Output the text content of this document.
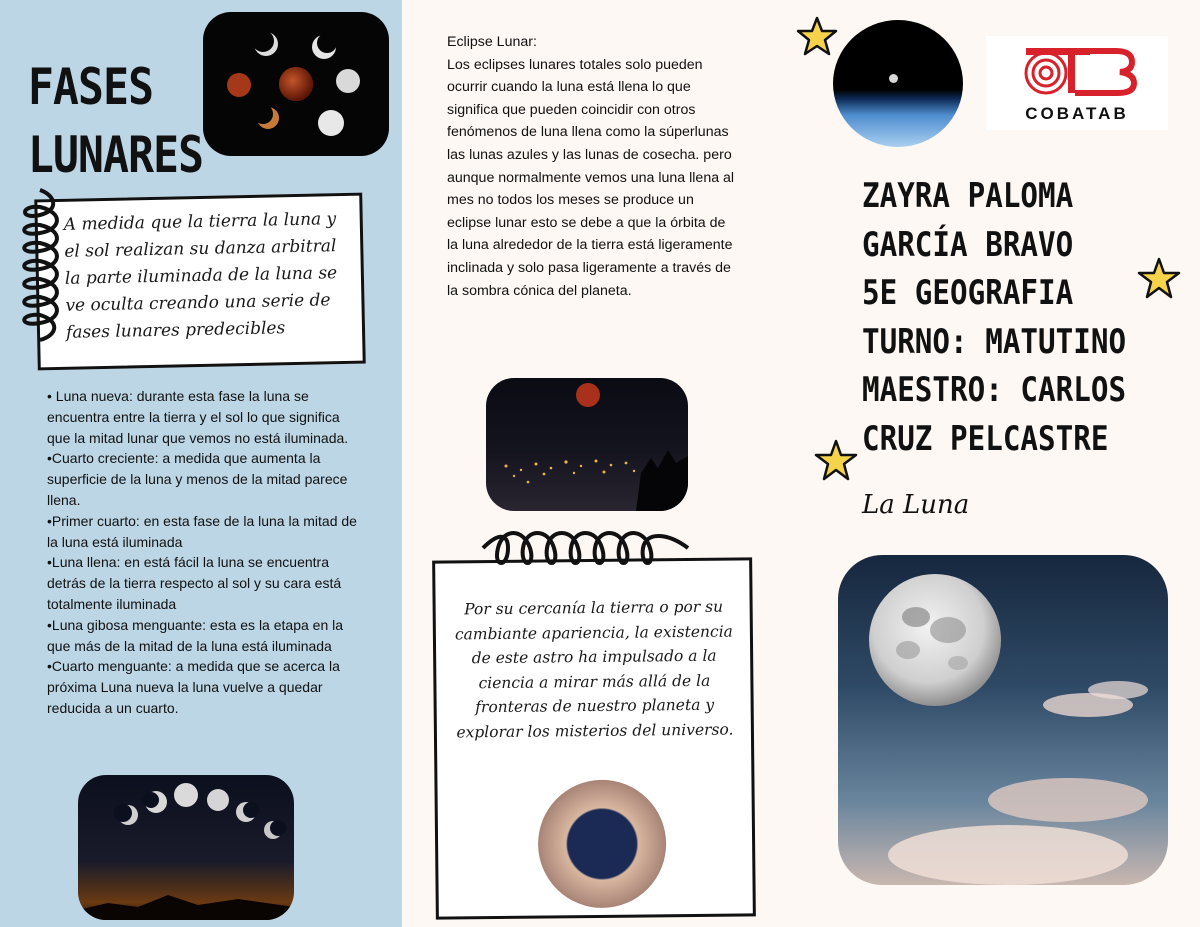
FASES
LUNARES
A medida que la tierra la luna y el sol realizan su danza arbitral la parte iluminada de la luna se ve oculta creando una serie de fases lunares predecibles

• Luna nueva: durante esta fase la luna se encuentra entre la tierra y el sol lo que significa que la mitad lunar que vemos no está iluminada.

•Cuarto creciente: a medida que aumenta la superficie de la luna y menos de la mitad parece llena.

•Primer cuarto: en esta fase de la luna la mitad de la luna está iluminada

•Luna llena: en está fácil la luna se encuentra detrás de la tierra respecto al sol y su cara está totalmente iluminada

•Luna gibosa menguante: esta es la etapa en la que más de la mitad de la luna está iluminada

•Cuarto menguante: a medida que se acerca la próxima Luna nueva la luna vuelve a quedar reducida a un cuarto.

Eclipse Lunar:
Los eclipses lunares totales solo pueden ocurrir cuando la luna está llena lo que significa que pueden coincidir con otros fenómenos de luna llena como la súperlunas las lunas azules y las lunas de cosecha. pero aunque normalmente vemos una luna llena al mes no todos los meses se produce un eclipse lunar esto se debe a que la órbita de la luna alrededor de la tierra está ligeramente inclinada y solo pasa ligeramente a través de la sombra cónica del planeta.
Por su cercanía la tierra o por su cambiante apariencia, la existencia de este astro ha impulsado a la ciencia a mirar más allá de la fronteras de nuestro planeta y explorar los misterios del universo.
COBATAB
ZAYRA PALOMA
GARCÍA BRAVO
5E GEOGRAFIA
TURNO: MATUTINO
MAESTRO: CARLOS
CRUZ PELCASTRE
La Luna
